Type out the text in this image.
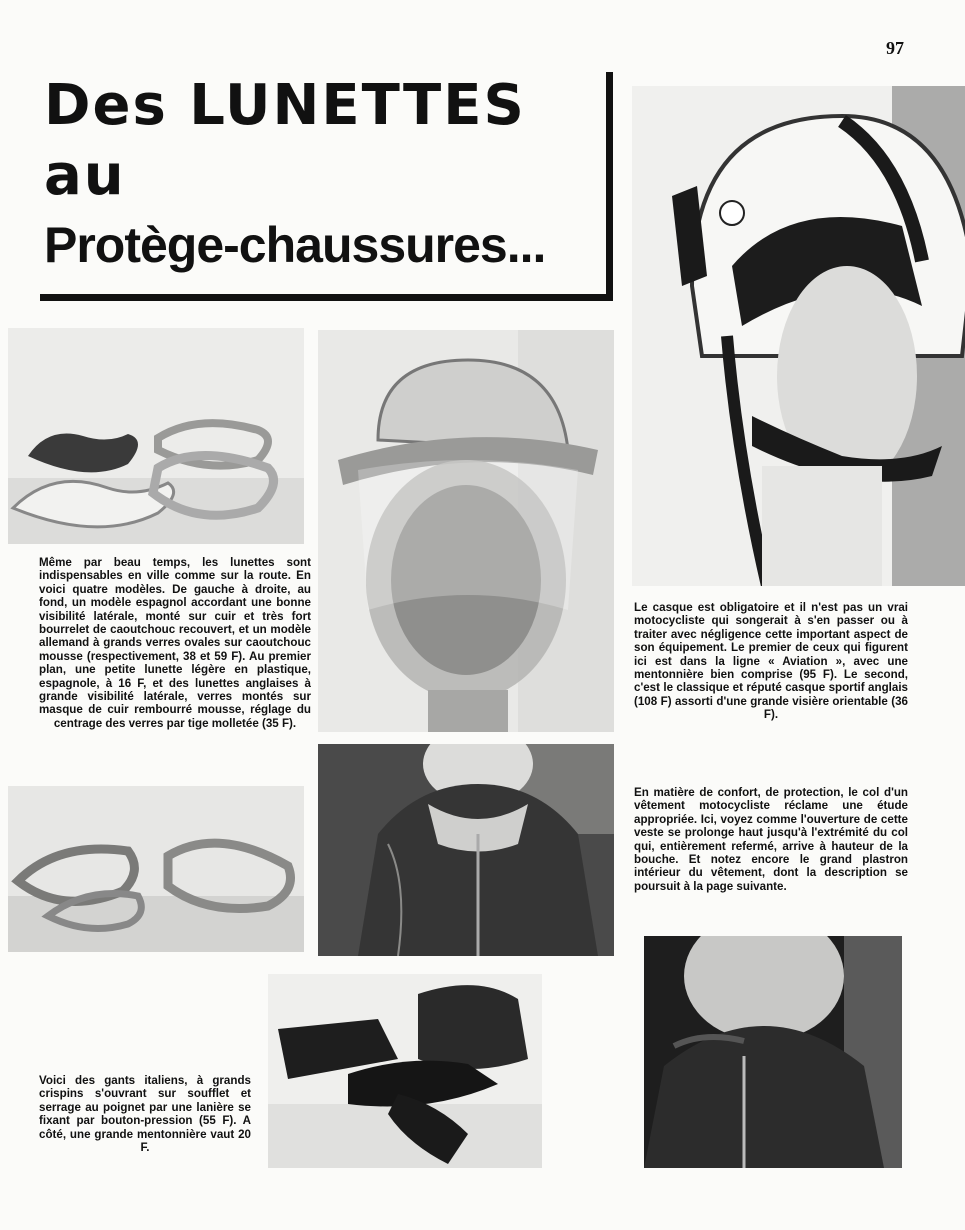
97
Des LUNETTES
au
Protège-chaussures...
Même par beau temps, les lunettes sont indispensables en ville comme sur la route. En voici quatre modèles. De gauche à droite, au fond, un modèle espagnol accordant une bonne visibilité latérale, monté sur cuir et très fort bourrelet de caoutchouc recouvert, et un modèle allemand à grands verres ovales sur caoutchouc mousse (respectivement, 38 et 59 F). Au premier plan, une petite lunette légère en plastique, espagnole, à 16 F, et des lunettes anglaises à grande visibilité latérale, verres montés sur masque de cuir rembourré mousse, réglage du centrage des verres par tige molletée (35 F).
Le casque est obligatoire et il n'est pas un vrai motocycliste qui songerait à s'en passer ou à traiter avec négligence cette important aspect de son équipement. Le premier de ceux qui figurent ici est dans la ligne « Aviation », avec une mentonnière bien comprise (95 F). Le second, c'est le classique et réputé casque sportif anglais (108 F) assorti d'une grande visière orientable (36 F).
En matière de confort, de protection, le col d'un vêtement motocycliste réclame une étude appropriée. Ici, voyez comme l'ouverture de cette veste se prolonge haut jusqu'à l'extrémité du col qui, entièrement refermé, arrive à hauteur de la bouche. Et notez encore le grand plastron intérieur du vêtement, dont la description se poursuit à la page suivante.
Voici des gants italiens, à grands crispins s'ouvrant sur soufflet et serrage au poignet par une lanière se fixant par bouton-pression (55 F). A côté, une grande mentonnière vaut 20 F.
